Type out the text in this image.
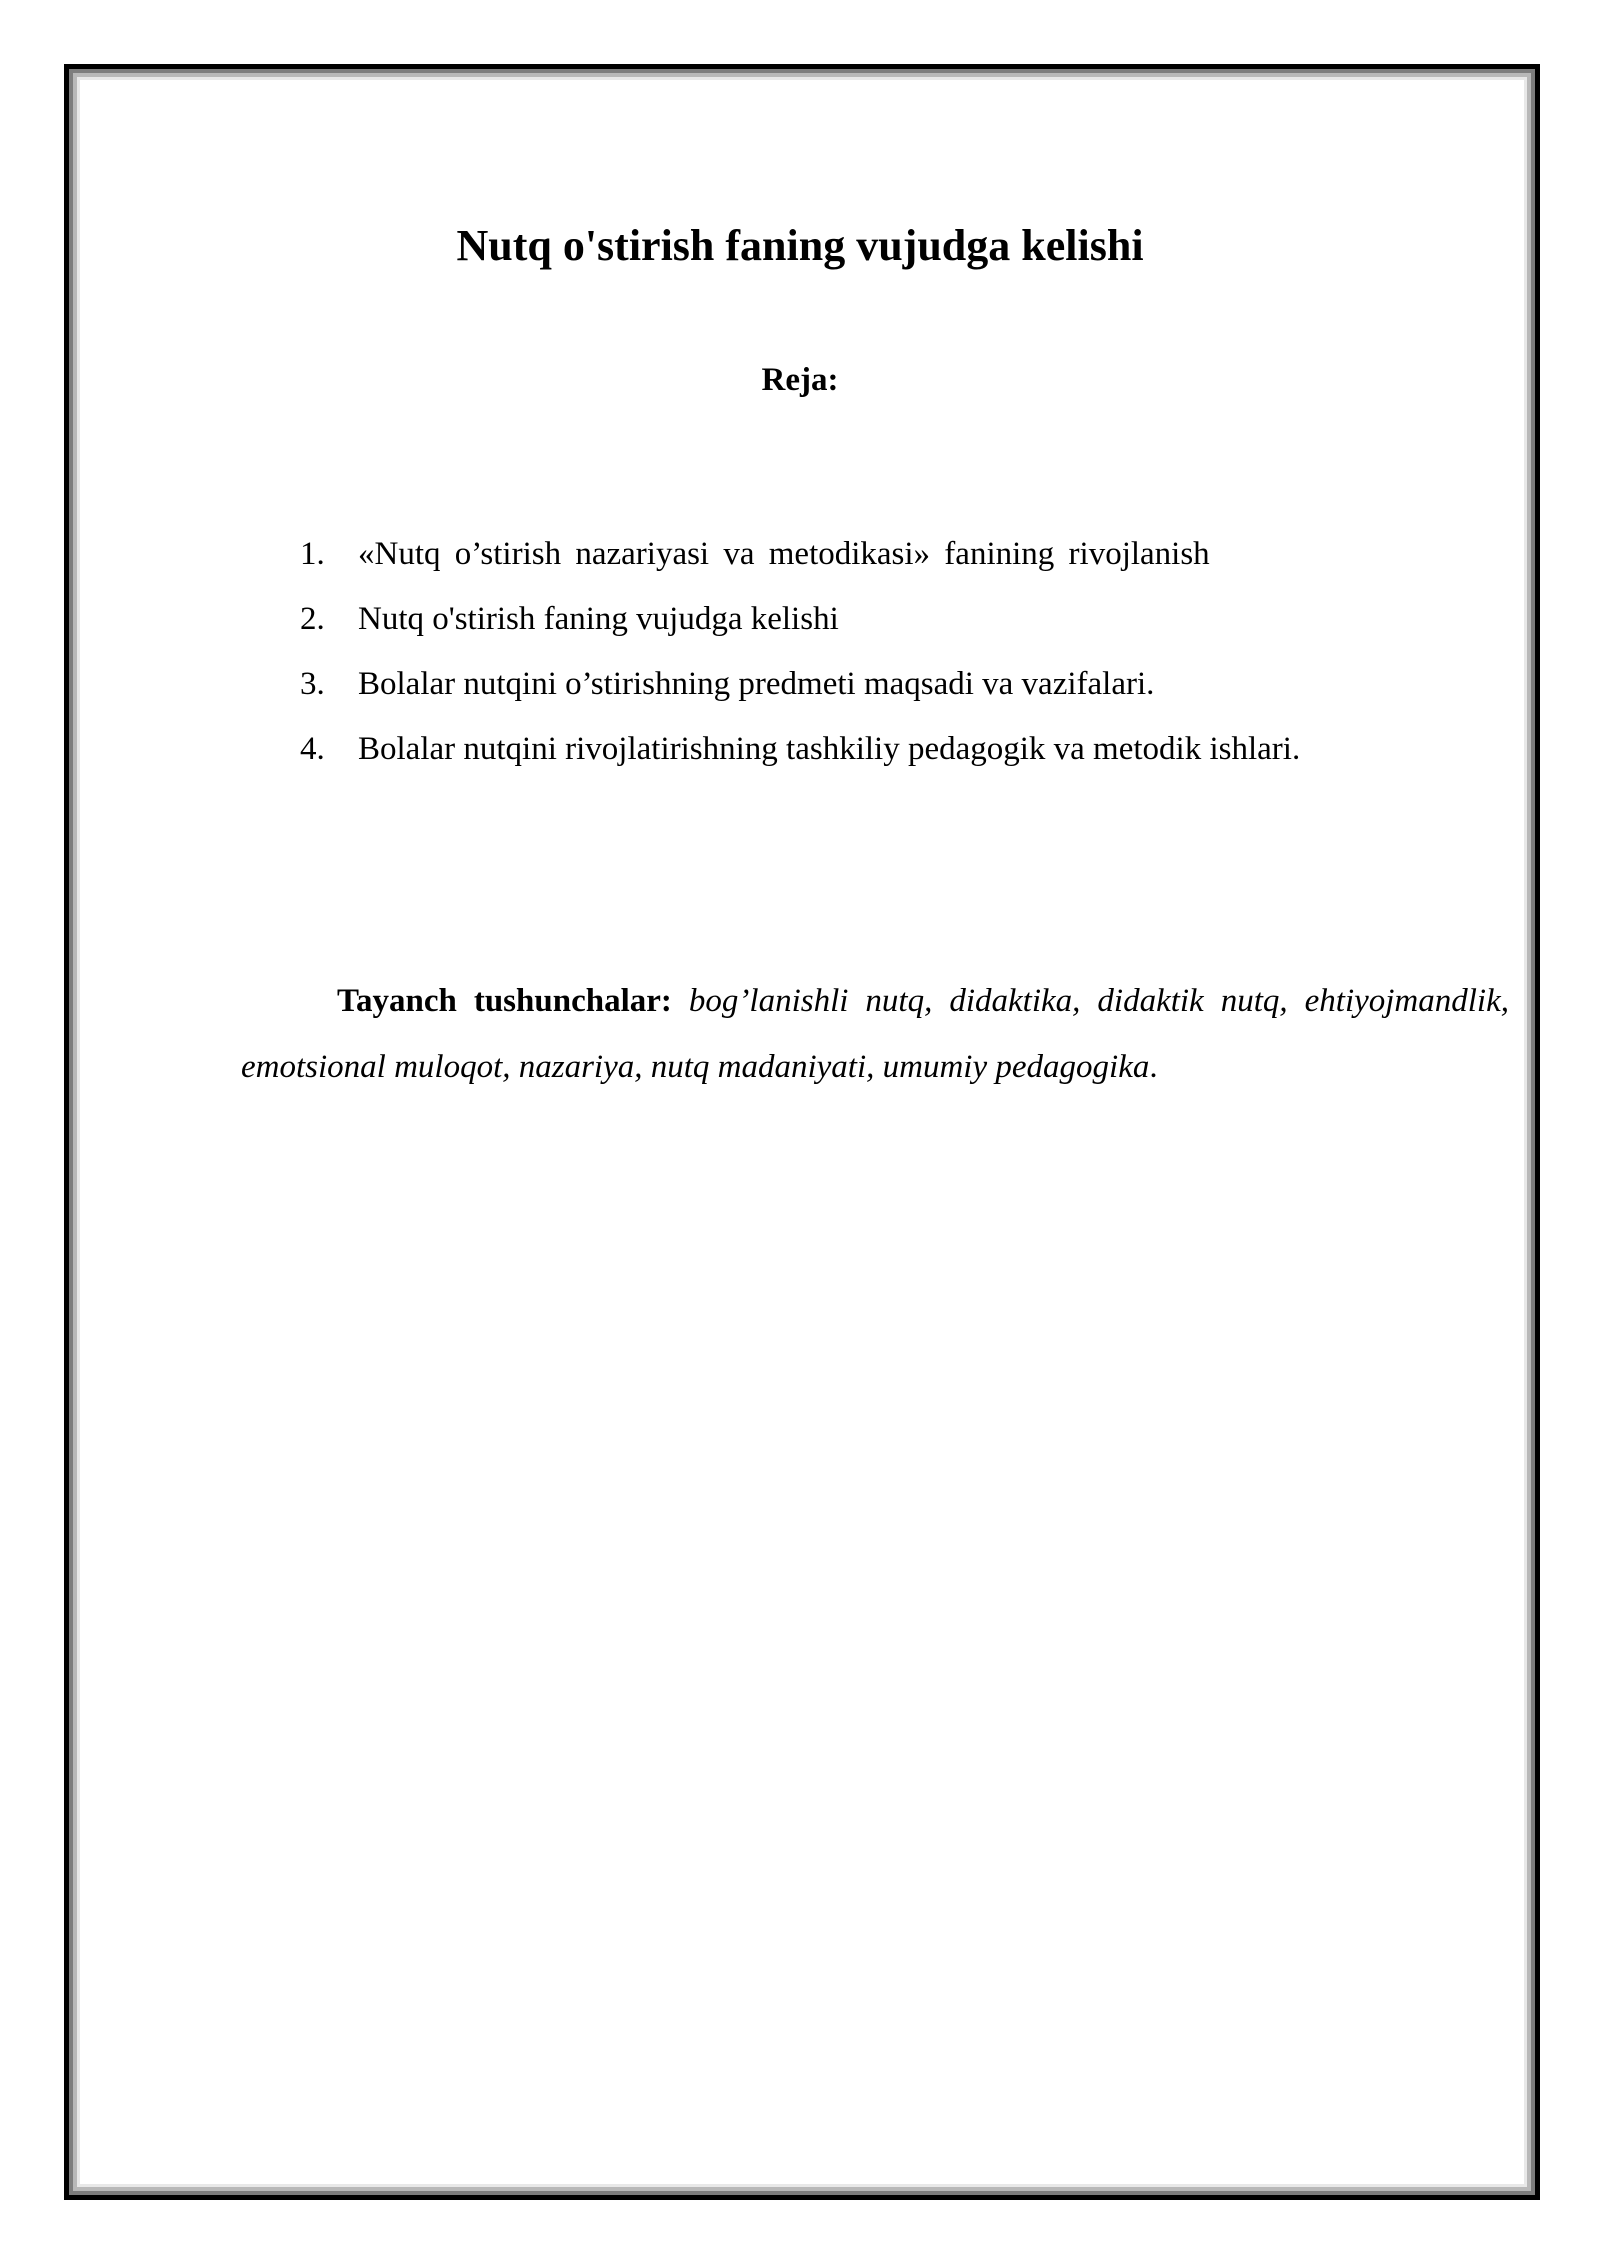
Nutq o'stirish faning vujudga kelishi
Reja:
1.	«Nutq o’stirish nazariyasi va metodikasi» fanining rivojlanish
2.	Nutq o'stirish faning vujudga kelishi
3.	Bolalar nutqini o’stirishning predmeti maqsadi va vazifalari.
4.	Bolalar nutqini rivojlatirishning tashkiliy pedagogik va metodik ishlari.

Tayanch tushunchalar: bog’lanishli nutq, didaktika, didaktik nutq, ehtiyojmandlik, emotsional muloqot, nazariya, nutq madaniyati, umumiy pedagogika.
